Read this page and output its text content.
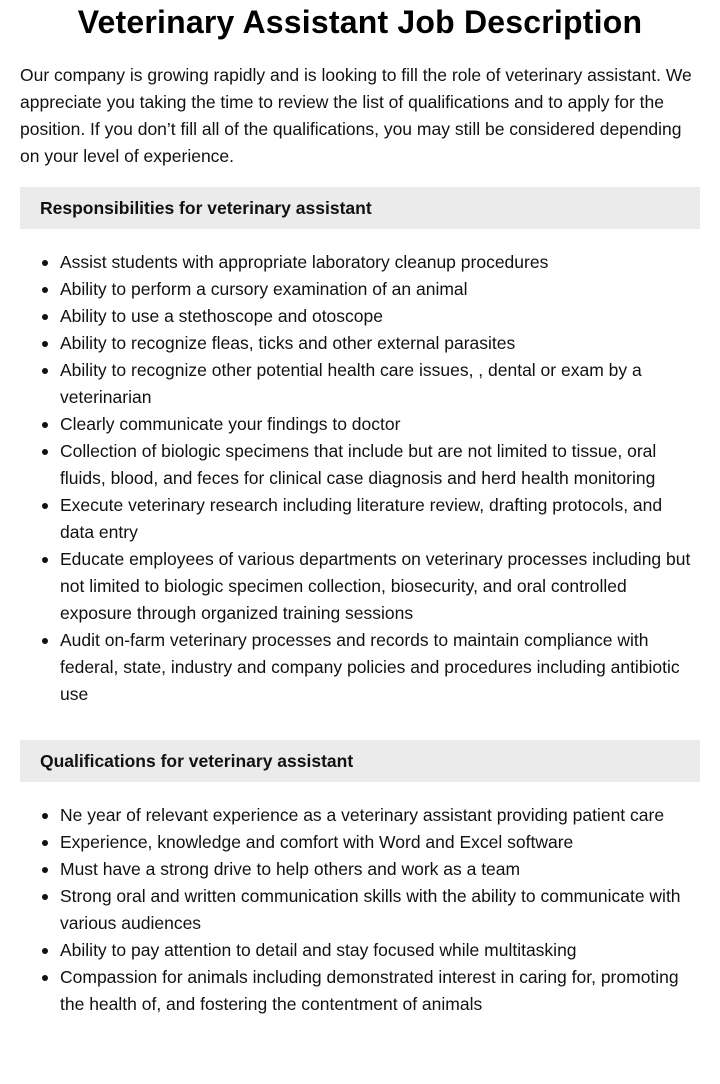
Veterinary Assistant Job Description

Our company is growing rapidly and is looking to fill the role of veterinary assistant. We appreciate you taking the time to review the list of qualifications and to apply for the position. If you don’t fill all of the qualifications, you may still be considered depending on your level of experience.

Responsibilities for veterinary assistant
Assist students with appropriate laboratory cleanup procedures
Ability to perform a cursory examination of an animal
Ability to use a stethoscope and otoscope
Ability to recognize fleas, ticks and other external parasites
Ability to recognize other potential health care issues, , dental or exam by a veterinarian
Clearly communicate your findings to doctor
Collection of biologic specimens that include but are not limited to tissue, oral fluids, blood, and feces for clinical case diagnosis and herd health monitoring
Execute veterinary research including literature review, drafting protocols, and data entry
Educate employees of various departments on veterinary processes including but not limited to biologic specimen collection, biosecurity, and oral controlled exposure through organized training sessions
Audit on-farm veterinary processes and records to maintain compliance with federal, state, industry and company policies and procedures including antibiotic use
Qualifications for veterinary assistant
Ne year of relevant experience as a veterinary assistant providing patient care
Experience, knowledge and comfort with Word and Excel software
Must have a strong drive to help others and work as a team
Strong oral and written communication skills with the ability to communicate with various audiences
Ability to pay attention to detail and stay focused while multitasking
Compassion for animals including demonstrated interest in caring for, promoting the health of, and fostering the contentment of animals
